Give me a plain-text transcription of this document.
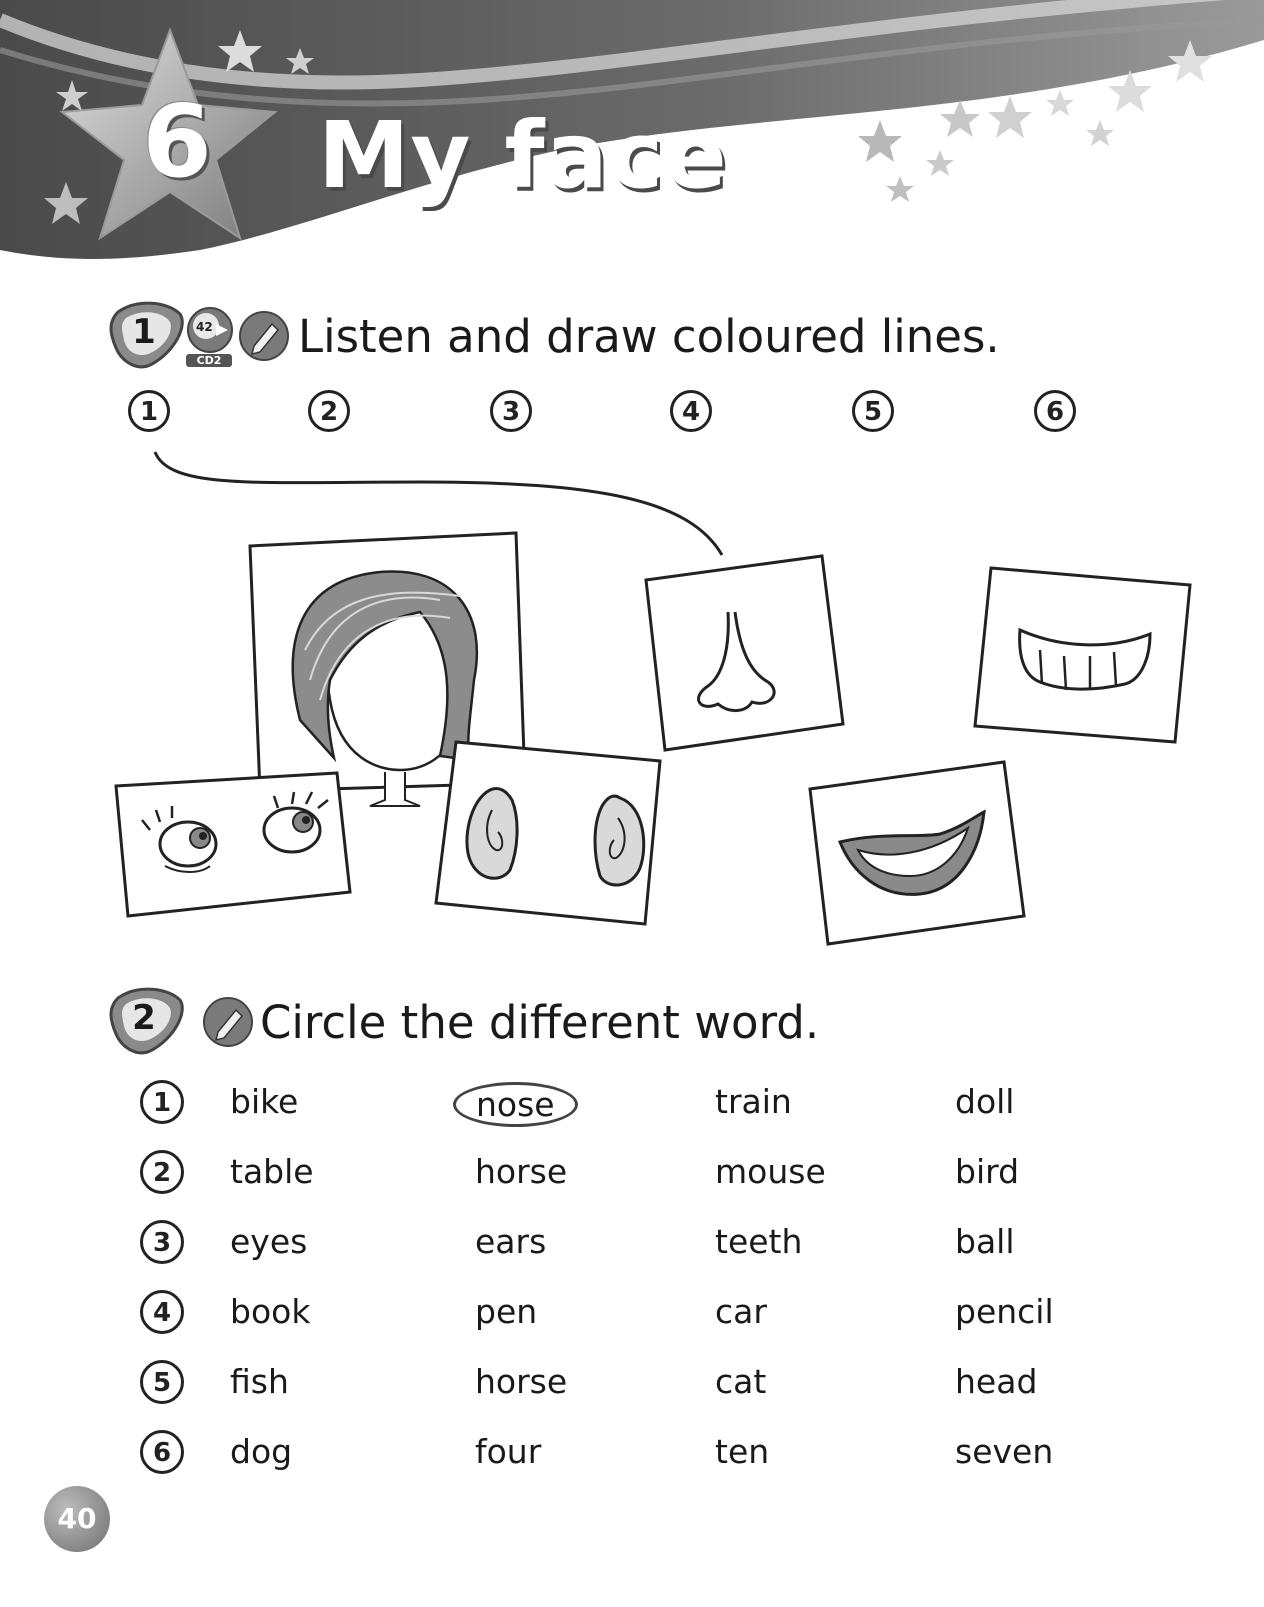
6 My face
1	42
CD2 Listen and draw coloured lines.
1	2	3	4	5	6
2	Circle the different word.
1	bike	nose	train	doll
2	table	horse	mouse	bird
3	eyes	ears	teeth	ball
4	book	pen	car	pencil
5	fish	horse	cat	head
6	dog	four	ten	seven
40
